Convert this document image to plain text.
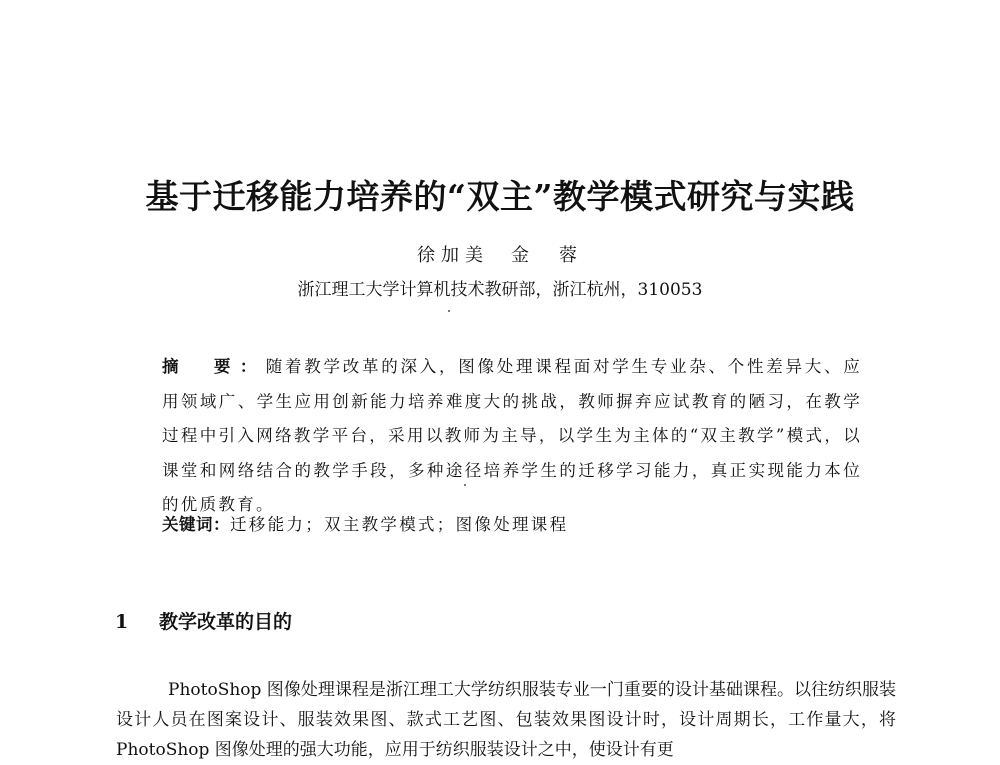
基于迁移能力培养的“双主”教学模式研究与实践

徐加美 金　蓉

浙江理工大学计算机技术教研部，浙江杭州，310053

摘　要：随着教学改革的深入，图像处理课程面对学生专业杂、个性差异大、应用领域广、学生应用创新能力培养难度大的挑战，教师摒弃应试教育的陋习，在教学过程中引入网络教学平台，采用以教师为主导，以学生为主体的“双主教学”模式，以课堂和网络结合的教学手段，多种途径培养学生的迁移学习能力，真正实现能力本位的优质教育。

关键词：迁移能力；双主教学模式；图像处理课程

1 教学改革的目的

PhotoShop 图像处理课程是浙江理工大学纺织服装专业一门重要的设计基础课程。以往纺织服装设计人员在图案设计、服装效果图、款式工艺图、包装效果图设计时，设计周期长，工作量大，将 PhotoShop 图像处理的强大功能，应用于纺织服装设计之中，使设计有更
